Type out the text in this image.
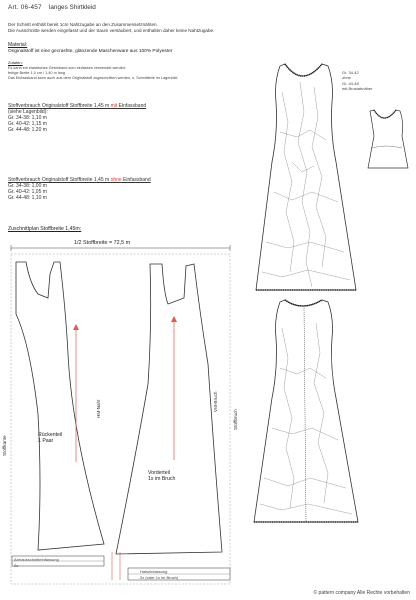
Art. 06-457 langes Shirtkleid
Der Schnitt enthält bereit 1cm Nahtzugabe an den Zusammensetznähten.
Die Ausschnitte werden eingefasst und der Saum versäubert, und enthalten daher keine Nahtzugabe.
Material:
Originalstoff ist eine gecrashte, glänzende Maschenware aus 100% Polyester
Zutaten:
Es kann ein elastisches Gebinband zum einfassen verwendet werden:
fertige Breite 1,0 cm / 1,40 m lang
Das Einfassband kann auch aus dem Originalstoff zugeschnitten werden, s. Schnittteile im Lagenbild
Stoffverbrauch Originalstoff Stoffbreite 1,45 m mit Einfassband
(siehe Lagenbild):
Gr. 34-38: 1,10 m
Gr. 40-42: 1,15 m
Gr. 44-48: 1,20 m
Stoffverbrauch Originalstoff Stoffbreite 1,45 m ohne Einfassband
Gr. 34-38: 1,00 m
Gr. 40-42: 1,05 m
Gr. 44-48: 1,10 m
Zuschnittplan Stoffbreite 1,45m:
Gr. 34-42
ohne
Gr. 44-48
mit Brustabnäher
1/2 Stoffbreite = 72,5 m
Stoffkante
Stoffbruch
Rückenteil
1 Paar
HM-Naht
Vorderteil
1x im Bruch
VM-Bruch
Armausschnitteinfassung
2x
Halseinfassung
2x (oder 1x im Bruch)
© pattern company Alle Rechte vorbehalten
